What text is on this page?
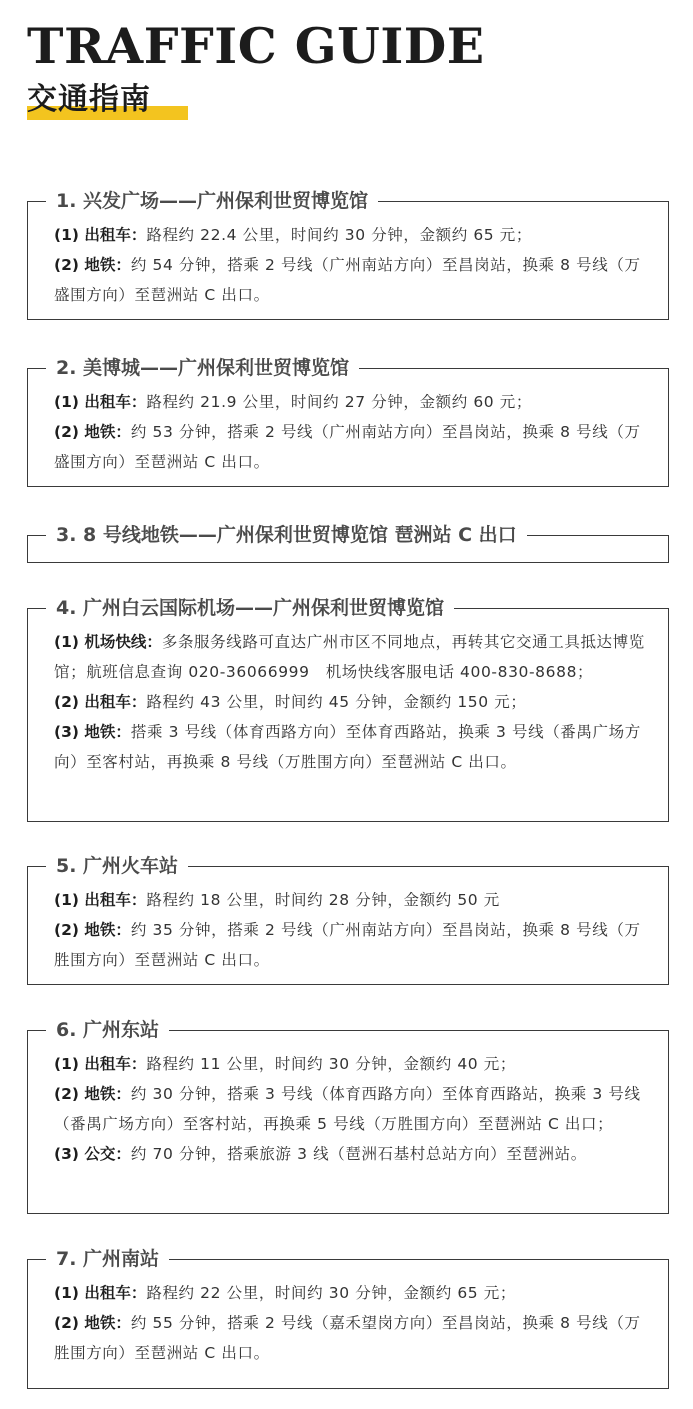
TRAFFIC GUIDE
交通指南
1. 兴发广场——广州保利世贸博览馆

(1) 出租车：路程约 22.4 公里，时间约 30 分钟，金额约 65 元；

(2) 地铁：约 54 分钟，搭乘 2 号线（广州南站方向）至昌岗站，换乘 8 号线（万盛围方向）至琶洲站 C 出口。

2. 美博城——广州保利世贸博览馆

(1) 出租车：路程约 21.9 公里，时间约 27 分钟，金额约 60 元；

(2) 地铁：约 53 分钟，搭乘 2 号线（广州南站方向）至昌岗站，换乘 8 号线（万盛围方向）至琶洲站 C 出口。

3. 8 号线地铁——广州保利世贸博览馆 琶洲站 C 出口
4. 广州白云国际机场——广州保利世贸博览馆

(1) 机场快线：多条服务线路可直达广州市区不同地点，再转其它交通工具抵达博览馆；航班信息查询 020-36066999　机场快线客服电话 400-830-8688；

(2) 出租车：路程约 43 公里，时间约 45 分钟，金额约 150 元；

(3) 地铁：搭乘 3 号线（体育西路方向）至体育西路站，换乘 3 号线（番禺广场方向）至客村站，再换乘 8 号线（万胜围方向）至琶洲站 C 出口。

5. 广州火车站

(1) 出租车：路程约 18 公里，时间约 28 分钟，金额约 50 元

(2) 地铁：约 35 分钟，搭乘 2 号线（广州南站方向）至昌岗站，换乘 8 号线（万胜围方向）至琶洲站 C 出口。

6. 广州东站

(1) 出租车：路程约 11 公里，时间约 30 分钟，金额约 40 元；

(2) 地铁：约 30 分钟，搭乘 3 号线（体育西路方向）至体育西路站，换乘 3 号线（番禺广场方向）至客村站，再换乘 5 号线（万胜围方向）至琶洲站 C 出口；

(3) 公交：约 70 分钟，搭乘旅游 3 线（琶洲石基村总站方向）至琶洲站。

7. 广州南站

(1) 出租车：路程约 22 公里，时间约 30 分钟，金额约 65 元；

(2) 地铁：约 55 分钟，搭乘 2 号线（嘉禾望岗方向）至昌岗站，换乘 8 号线（万胜围方向）至琶洲站 C 出口。
